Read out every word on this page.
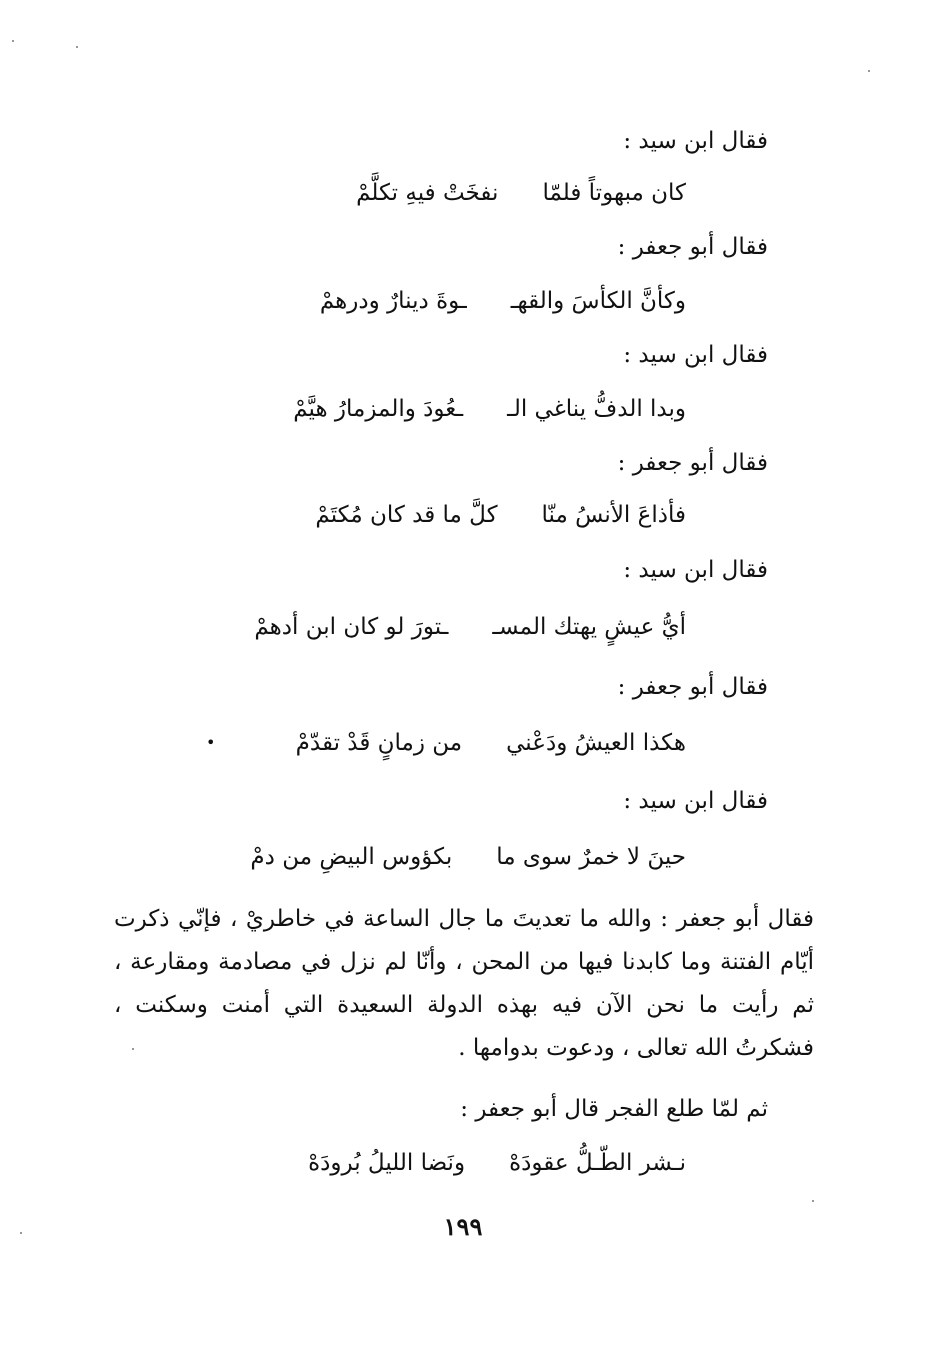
فقال ابن سيد :
كان مبهوتاً فلمّا
نفخَتْ فيهِ تكلَّمْ
فقال أبو جعفر :
وكأنَّ الكأسَ والقهـ
ـوةَ دينارٌ ودرهمْ
فقال ابن سيد :
وبدا الدفُّ يناغي الـ
ـعُودَ والمزمارُ هيَّمْ
فقال أبو جعفر :
فأذاعَ الأنسُ منّا
كلَّ ما قد كان مُكتَمْ
فقال ابن سيد :
أيُّ عيشٍ يهتك المسـ
ـتورَ لو كان ابن أدهمْ
فقال أبو جعفر :
هكذا العيشُ ودَعْني
من زمانٍ قَدْ تقدّمْ
•
فقال ابن سيد :
حينَ لا خمرٌ سوى ما
بكؤوس البيضِ من دمْ

فقال أبو جعفر : والله ما تعديتَ ما جال الساعة في خاطريْ ، فإنّي ذكرت أيّام الفتنة وما كابدنا فيها من المحن ، وأنّا لم نزل في مصادمة ومقارعة ، ثم رأيت ما نحن الآن فيه بهذه الدولة السعيدة التي أمنت وسكنت ، فشكرتُ الله تعالى ، ودعوت بدوامها .

ثم لمّا طلع الفجر قال أبو جعفر :
نـشر الطّـلُّ عقودَهْ
ونَضا الليلُ بُرودَهْ
١٩٩
